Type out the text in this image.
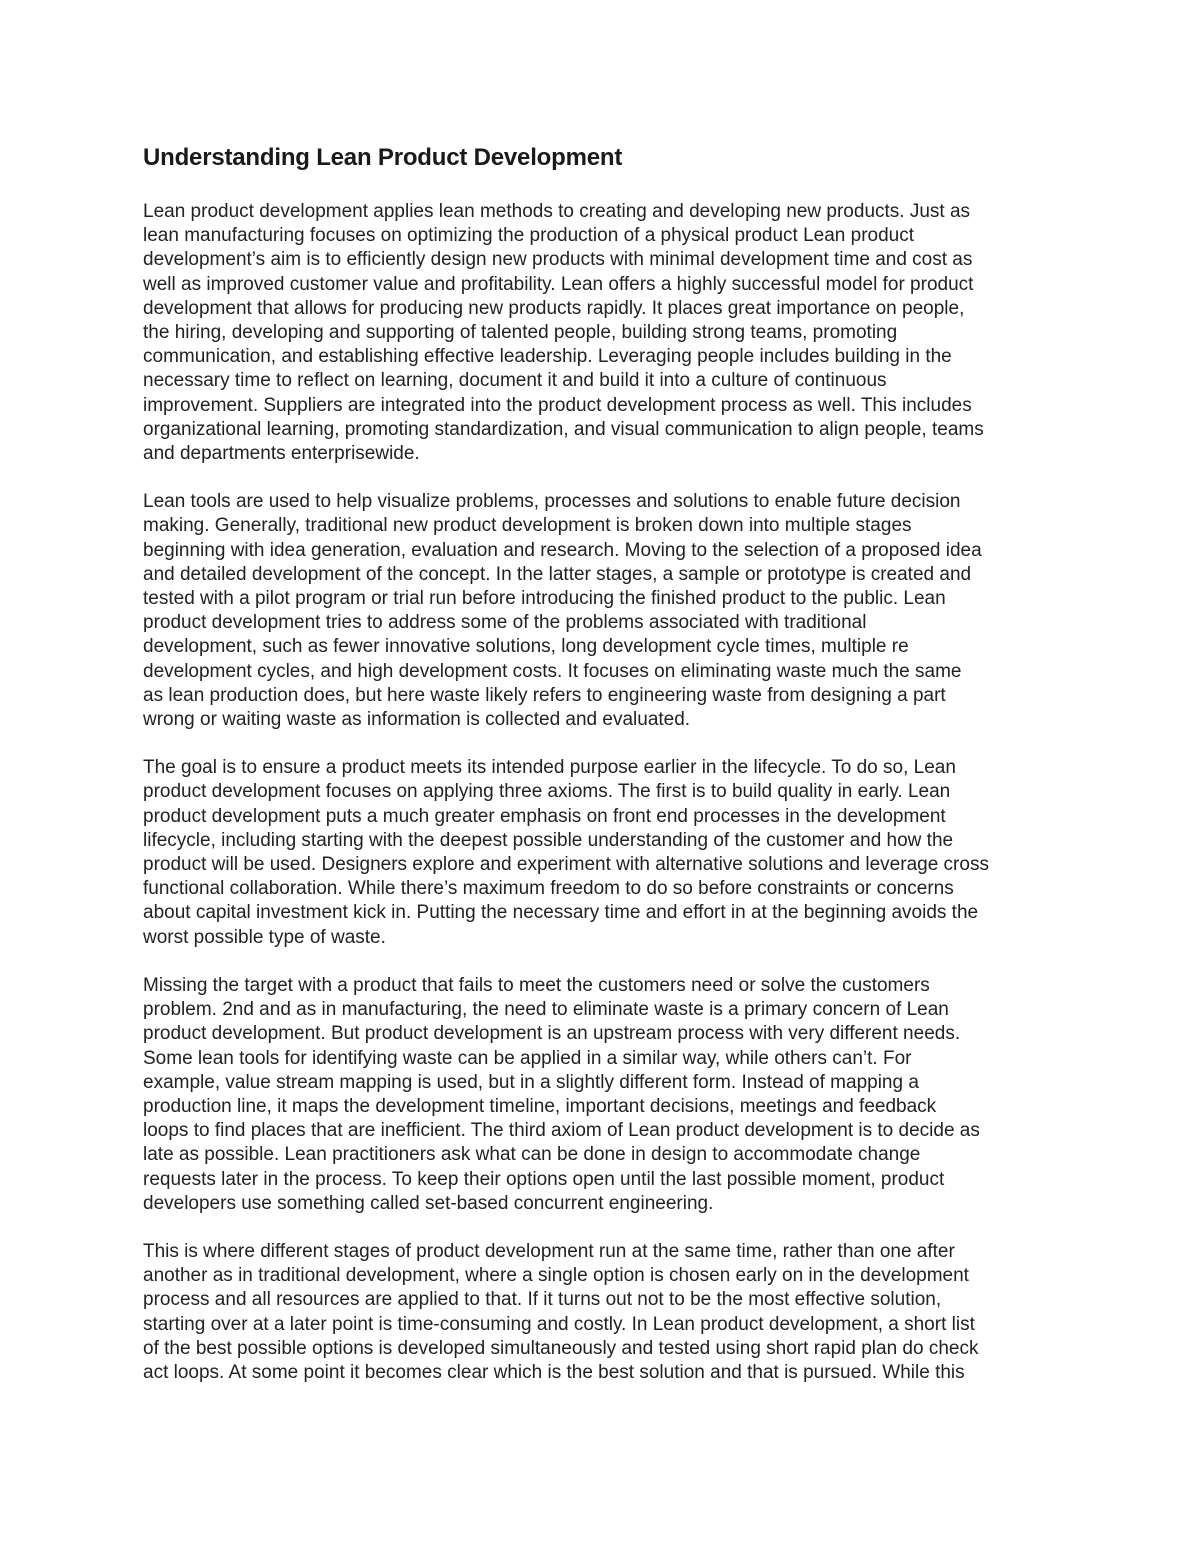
Understanding Lean Product Development

Lean product development applies lean methods to creating and developing new products. Just as
lean manufacturing focuses on optimizing the production of a physical product Lean product
development’s aim is to efficiently design new products with minimal development time and cost as
well as improved customer value and profitability. Lean offers a highly successful model for product
development that allows for producing new products rapidly. It places great importance on people,
the hiring, developing and supporting of talented people, building strong teams, promoting
communication, and establishing effective leadership. Leveraging people includes building in the
necessary time to reflect on learning, document it and build it into a culture of continuous
improvement. Suppliers are integrated into the product development process as well. This includes
organizational learning, promoting standardization, and visual communication to align people, teams
and departments enterprisewide.

Lean tools are used to help visualize problems, processes and solutions to enable future decision
making. Generally, traditional new product development is broken down into multiple stages
beginning with idea generation, evaluation and research. Moving to the selection of a proposed idea
and detailed development of the concept. In the latter stages, a sample or prototype is created and
tested with a pilot program or trial run before introducing the finished product to the public. Lean
product development tries to address some of the problems associated with traditional
development, such as fewer innovative solutions, long development cycle times, multiple re
development cycles, and high development costs. It focuses on eliminating waste much the same
as lean production does, but here waste likely refers to engineering waste from designing a part
wrong or waiting waste as information is collected and evaluated.

The goal is to ensure a product meets its intended purpose earlier in the lifecycle. To do so, Lean
product development focuses on applying three axioms. The first is to build quality in early. Lean
product development puts a much greater emphasis on front end processes in the development
lifecycle, including starting with the deepest possible understanding of the customer and how the
product will be used. Designers explore and experiment with alternative solutions and leverage cross
functional collaboration. While there’s maximum freedom to do so before constraints or concerns
about capital investment kick in. Putting the necessary time and effort in at the beginning avoids the
worst possible type of waste.

Missing the target with a product that fails to meet the customers need or solve the customers
problem. 2nd and as in manufacturing, the need to eliminate waste is a primary concern of Lean
product development. But product development is an upstream process with very different needs.
Some lean tools for identifying waste can be applied in a similar way, while others can’t. For
example, value stream mapping is used, but in a slightly different form. Instead of mapping a
production line, it maps the development timeline, important decisions, meetings and feedback
loops to find places that are inefficient. The third axiom of Lean product development is to decide as
late as possible. Lean practitioners ask what can be done in design to accommodate change
requests later in the process. To keep their options open until the last possible moment, product
developers use something called set-based concurrent engineering.

This is where different stages of product development run at the same time, rather than one after
another as in traditional development, where a single option is chosen early on in the development
process and all resources are applied to that. If it turns out not to be the most effective solution,
starting over at a later point is time-consuming and costly. In Lean product development, a short list
of the best possible options is developed simultaneously and tested using short rapid plan do check
act loops. At some point it becomes clear which is the best solution and that is pursued. While this
